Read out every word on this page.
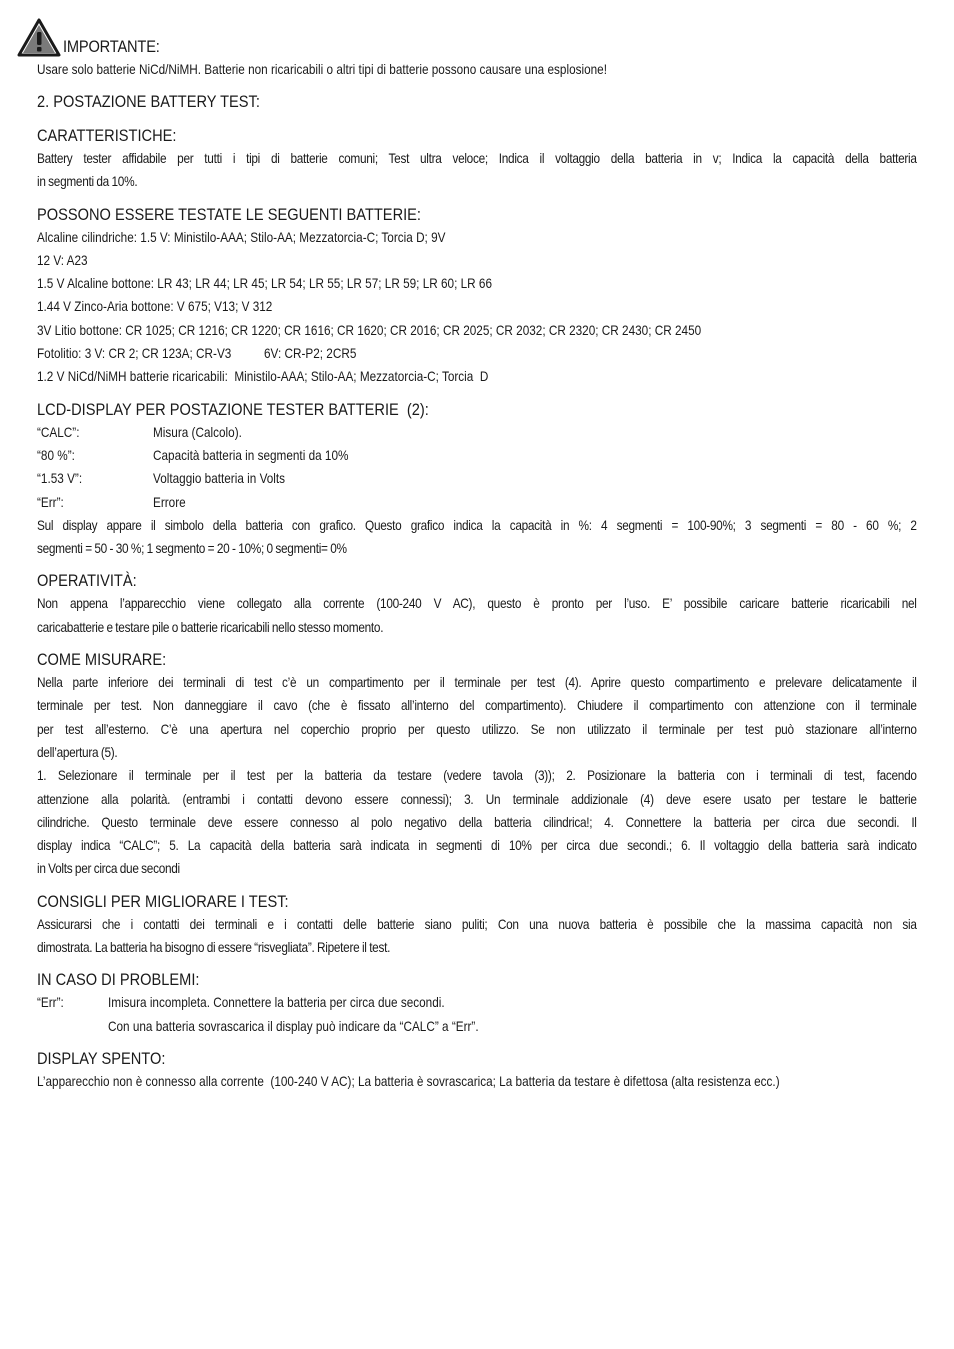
IMPORTANTE:
Usare solo batterie NiCd/NiMH. Batterie non ricaricabili o altri tipi di batterie possono causare una esplosione!
2. POSTAZIONE BATTERY TEST:
CARATTERISTICHE:
Battery tester affidabile per tutti i tipi di batterie comuni; Test ultra veloce; Indica il voltaggio della batteria in v; Indica la capacità della batteria
in segmenti da 10%.
POSSONO ESSERE TESTATE LE SEGUENTI BATTERIE:
Alcaline cilindriche: 1.5 V: Ministilo-AAA; Stilo-AA; Mezzatorcia-C; Torcia D; 9V
12 V: A23
1.5 V Alcaline bottone: LR 43; LR 44; LR 45; LR 54; LR 55; LR 57; LR 59; LR 60; LR 66
1.44 V Zinco-Aria bottone: V 675; V13; V 312
3V Litio bottone: CR 1025; CR 1216; CR 1220; CR 1616; CR 1620; CR 2016; CR 2025; CR 2032; CR 2320; CR 2430; CR 2450
Fotolitio: 3 V: CR 2; CR 123A; CR-V3          6V: CR-P2; 2CR5
1.2 V NiCd/NiMH batterie ricaricabili:  Ministilo-AAA; Stilo-AA; Mezzatorcia-C; Torcia  D
LCD-DISPLAY PER POSTAZIONE TESTER BATTERIE  (2):
“CALC”:	Misura (Calcolo).
“80 %”:	Capacità batteria in segmenti da 10%
“1.53 V”:	Voltaggio batteria in Volts
“Err”:	Errore
Sul display appare il simbolo della batteria con grafico. Questo grafico indica la capacità in %: 4 segmenti = 100-90%; 3 segmenti = 80 - 60 %; 2
segmenti = 50 - 30 %; 1 segmento = 20 - 10%; 0 segmenti= 0%
OPERATIVITÀ:
Non appena l’apparecchio viene collegato alla corrente (100-240 V AC), questo è pronto per l’uso. E’ possibile caricare batterie ricaricabili nel
caricabatterie e testare pile o batterie ricaricabili nello stesso momento.
COME MISURARE:
Nella parte inferiore dei terminali di test c’è un compartimento per il terminale per test (4). Aprire questo compartimento e prelevare delicatamente il
terminale per test. Non danneggiare il cavo (che è fissato all’interno del compartimento). Chiudere il compartimento con attenzione con il terminale
per test all’esterno. C’è una apertura nel coperchio proprio per questo utilizzo. Se non utilizzato il terminale per test può stazionare all’interno
dell’apertura (5).
1. Selezionare il terminale per il test per la batteria da testare (vedere tavola (3)); 2. Posizionare la batteria con i terminali di test, facendo
attenzione alla polarità. (entrambi i contatti devono essere connessi); 3. Un terminale addizionale (4) deve esere usato per testare le batterie
cilindriche. Questo terminale deve essere connesso al polo negativo della batteria cilindrica!; 4. Connettere la batteria per circa due secondi. Il
display indica “CALC”; 5. La capacità della batteria sarà indicata in segmenti di 10% per circa due secondi.; 6. Il voltaggio della batteria sarà indicato
in Volts per circa due secondi
CONSIGLI PER MIGLIORARE I TEST:
Assicurarsi che i contatti dei terminali e i contatti delle batterie siano puliti; Con una nuova batteria è possibile che la massima capacità non sia
dimostrata. La batteria ha bisogno di essere “risvegliata”. Ripetere il test.
IN CASO DI PROBLEMI:
“Err”:	Imisura incompleta. Connettere la batteria per circa due secondi.
Con una batteria sovrascarica il display può indicare da “CALC” a “Err”.
DISPLAY SPENTO:
L’apparecchio non è connesso alla corrente  (100-240 V AC); La batteria è sovrascarica; La batteria da testare è difettosa (alta resistenza ecc.)
